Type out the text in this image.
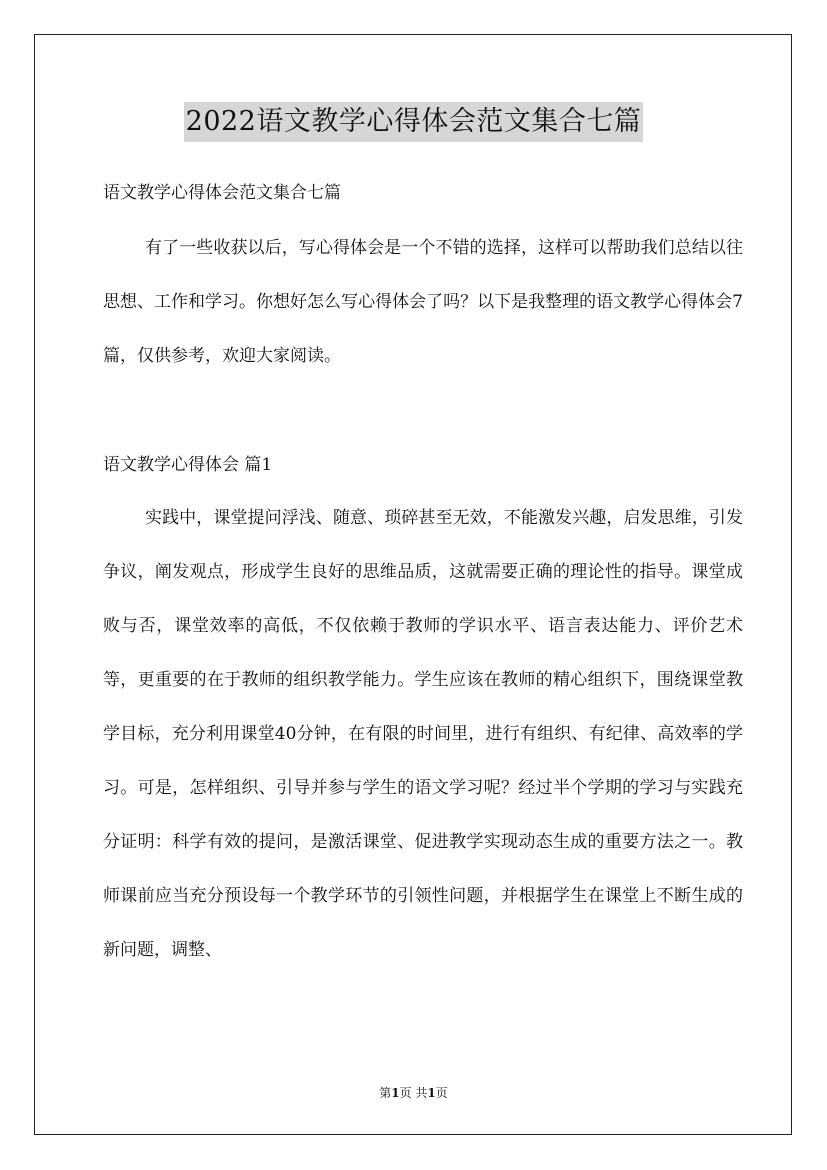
2022语文教学心得体会范文集合七篇

语文教学心得体会范文集合七篇

有了一些收获以后，写心得体会是一个不错的选择，这样可以帮助我们总结以往思想、工作和学习。你想好怎么写心得体会了吗？以下是我整理的语文教学心得体会7篇，仅供参考，欢迎大家阅读。

语文教学心得体会 篇1

实践中，课堂提问浮浅、随意、琐碎甚至无效，不能激发兴趣，启发思维，引发争议，阐发观点，形成学生良好的思维品质，这就需要正确的理论性的指导。课堂成败与否，课堂效率的高低，不仅依赖于教师的学识水平、语言表达能力、评价艺术等，更重要的在于教师的组织教学能力。学生应该在教师的精心组织下，围绕课堂教学目标，充分利用课堂40分钟，在有限的时间里，进行有组织、有纪律、高效率的学习。可是，怎样组织、引导并参与学生的语文学习呢？经过半个学期的学习与实践充分证明：科学有效的提问，是激活课堂、促进教学实现动态生成的重要方法之一。教师课前应当充分预设每一个教学环节的引领性问题，并根据学生在课堂上不断生成的新问题，调整、

第1页 共1页
